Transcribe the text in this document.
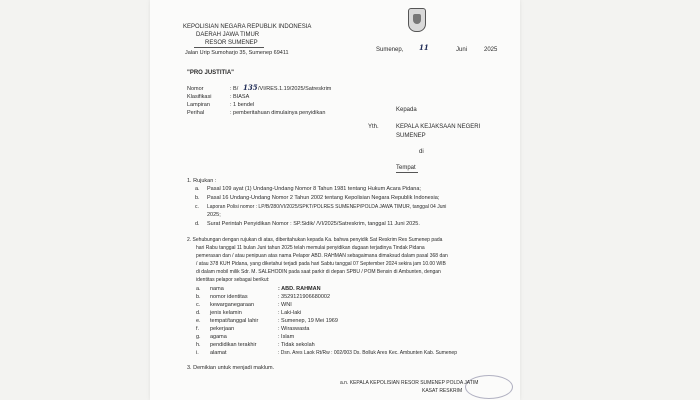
KEPOLISIAN NEGARA REPUBLIK INDONESIA
DAERAH JAWA TIMUR
RESOR SUMENEP
Jalan Urip Sumoharjo 35, Sumenep 69411	Sumenep, 11	Juni	2025
"PRO JUSTITIA"
Nomor	: B/ 135 /VI/RES.1.19/2025/Satreskrim
Klasifikasi	: BIASA
Lampiran	: 1 bendel
Perihal	: pemberitahuan dimulainya penyidikan	Kepada
Yth.	KEPALA KEJAKSAAN NEGERI
SUMENEP
di
Tempat
1. Rujukan :
a. Pasal 109 ayat (1) Undang-Undang Nomor 8 Tahun 1981 tentang Hukum Acara Pidana;
b. Pasal 16 Undang-Undang Nomor 2 Tahun 2002 tentang Kepolisian Negara Republik Indonesia;
c. Laporan Polisi nomor : LP/B/280/VI/2025/SPKT/POLRES SUMENEP/POLDA JAWA TIMUR, tanggal 04 Juni
2025;
d. Surat Perintah Penyidikan Nomor : SP.Sidik/ /VI/2025/Satreskrim, tanggal 11 Juni 2025.
2. Sehubungan dengan rujukan di atas, diberitahukan kepada Ka. bahwa penyidik Sat Reskrim Res Sumenep pada
hari Rabu tanggal 11 bulan Juni tahun 2025 telah memulai penyidikan dugaan terjadinya Tindak Pidana
pemerasan dan / atau penipuan atas nama Pelapor ABD. RAHMAN sebagaimana dimaksud dalam pasal 368 dan
/ atau 378 KUH Pidana, yang diketahui terjadi pada hari Sabtu tanggal 07 September 2024 sekira jam 10.00 WIB
di dalam mobil milik Sdr. M. SALEHODIN pada saat parkir di depan SPBU / POM Bensin di Ambunten, dengan
identitas pelapor sebagai berikut:
a. nama	: ABD. RAHMAN
b. nomor identitas	: 3529121906680002
c. kewarganegaraan	: WNI
d. jenis kelamin	: Laki-laki
e. tempat/tanggal lahir	: Sumenep, 19 Mei 1969
f. pekerjaan	: Wiraswasta
g. agama	: Islam
h. pendidikan terakhir	: Tidak sekolah
i. alamat	: Dsn. Ares Laok Rt/Rw : 002/003 Ds. Bolluk Ares Kec. Ambunten Kab. Sumenep
3. Demikian untuk menjadi maklum.
a.n. KEPALA KEPOLISIAN RESOR SUMENEP POLDA JATIM
KASAT RESKRIM
